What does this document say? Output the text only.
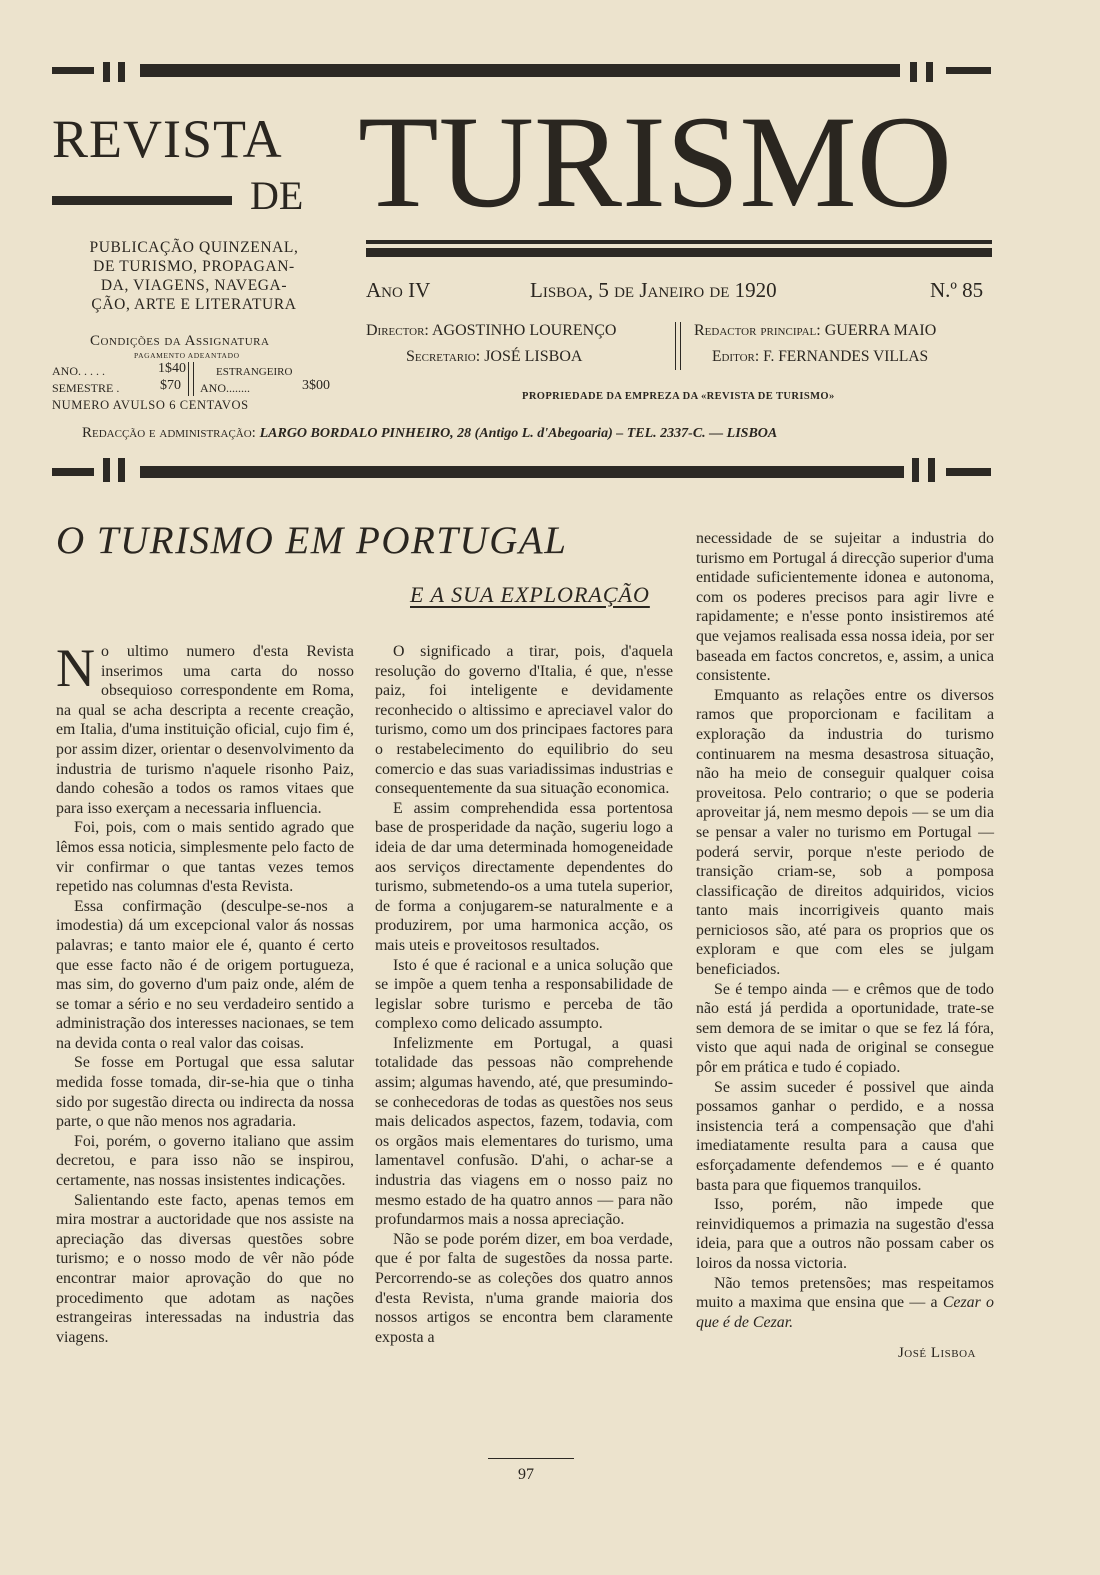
REVISTA
DE TURISMO
PUBLICAÇÃO QUINZENAL,
DE TURISMO, PROPAGAN-
DA, VIAGENS, NAVEGA-
ÇÃO, ARTE E LITERATURA
Condições da Assignatura
PAGAMENTO ADEANTADO
ANO. . . . .	1$40
SEMESTRE .	$70
ESTRANGEIRO
ANO........	3$00
NUMERO AVULSO 6 CENTAVOS
Ano IV	Lisboa, 5 de Janeiro de 1920	N.º 85
Director: AGOSTINHO LOURENÇO
Secretario: JOSÉ LISBOA
Redactor principal: GUERRA MAIO
Editor: F. FERNANDES VILLAS
PROPRIEDADE DA EMPREZA DA «REVISTA DE TURISMO»
Redacção e administração: LARGO BORDALO PINHEIRO, 28 (Antigo L. d'Abegoaria) – TEL. 2337-C. — LISBOA
O TURISMO EM PORTUGAL
E A SUA EXPLORAÇÃO
N o ultimo numero d'esta Revista inserimos uma carta do nosso obsequioso correspondente em Roma, na qual se acha descripta a recente creação, em Italia, d'uma instituição oficial, cujo fim é, por assim dizer, orientar o desenvolvimento da industria de turismo n'aquele risonho Paiz, dando cohesão a todos os ramos vitaes que para isso exerçam a necessaria influencia.

Foi, pois, com o mais sentido agrado que lêmos essa noticia, simplesmente pelo facto de vir confirmar o que tantas vezes temos repetido nas columnas d'esta Revista.

Essa confirmação (desculpe-se-nos a imodestia) dá um excepcional valor ás nossas palavras; e tanto maior ele é, quanto é certo que esse facto não é de origem portugueza, mas sim, do governo d'um paiz onde, além de se tomar a sério e no seu verdadeiro sentido a administração dos interesses nacionaes, se tem na devida conta o real valor das coisas.

Se fosse em Portugal que essa salutar medida fosse tomada, dir-se-hia que o tinha sido por sugestão directa ou indirecta da nossa parte, o que não menos nos agradaria.

Foi, porém, o governo italiano que assim decretou, e para isso não se inspirou, certamente, nas nossas insistentes indicações.

Salientando este facto, apenas temos em mira mostrar a auctoridade que nos assiste na apreciação das diversas questões sobre turismo; e o nosso modo de vêr não póde encontrar maior aprovação do que no procedimento que adotam as nações estrangeiras interessadas na industria das viagens.

O significado a tirar, pois, d'aquela resolução do governo d'Italia, é que, n'esse paiz, foi inteligente e devidamente reconhecido o altissimo e apreciavel valor do turismo, como um dos principaes factores para o restabelecimento do equilibrio do seu comercio e das suas variadissimas industrias e consequentemente da sua situação economica.

E assim comprehendida essa portentosa base de prosperidade da nação, sugeriu logo a ideia de dar uma determinada homogeneidade aos serviços directamente dependentes do turismo, submetendo-os a uma tutela superior, de forma a conjugarem-se naturalmente e a produzirem, por uma harmonica acção, os mais uteis e proveitosos resultados.

Isto é que é racional e a unica solução que se impõe a quem tenha a responsabilidade de legislar sobre turismo e perceba de tão complexo como delicado assumpto.

Infelizmente em Portugal, a quasi totalidade das pessoas não comprehende assim; algumas havendo, até, que presumindo-se conhecedoras de todas as questões nos seus mais delicados aspectos, fazem, todavia, com os orgãos mais elementares do turismo, uma lamentavel confusão. D'ahi, o achar-se a industria das viagens em o nosso paiz no mesmo estado de ha quatro annos — para não profundarmos mais a nossa apreciação.

Não se pode porém dizer, em boa verdade, que é por falta de sugestões da nossa parte. Percorrendo-se as coleções dos quatro annos d'esta Revista, n'uma grande maioria dos nossos artigos se encontra bem claramente exposta a

necessidade de se sujeitar a industria do turismo em Portugal á direcção superior d'uma entidade suficientemente idonea e autonoma, com os poderes precisos para agir livre e rapidamente; e n'esse ponto insistiremos até que vejamos realisada essa nossa ideia, por ser baseada em factos concretos, e, assim, a unica consistente.

Emquanto as relações entre os diversos ramos que proporcionam e facilitam a exploração da industria do turismo continuarem na mesma desastrosa situação, não ha meio de conseguir qualquer coisa proveitosa. Pelo contrario; o que se poderia aproveitar já, nem mesmo depois — se um dia se pensar a valer no turismo em Portugal — poderá servir, porque n'este periodo de transição criam-se, sob a pomposa classificação de direitos adquiridos, vicios tanto mais incorrigiveis quanto mais perniciosos são, até para os proprios que os exploram e que com eles se julgam beneficiados.

Se é tempo ainda — e crêmos que de todo não está já perdida a oportunidade, trate-se sem demora de se imitar o que se fez lá fóra, visto que aqui nada de original se consegue pôr em prática e tudo é copiado.

Se assim suceder é possivel que ainda possamos ganhar o perdido, e a nossa insistencia terá a compensação que d'ahi imediatamente resulta para a causa que esforçadamente defendemos — e é quanto basta para que fiquemos tranquilos.

Isso, porém, não impede que reinvidiquemos a primazia na sugestão d'essa ideia, para que a outros não possam caber os loiros da nossa victoria.

Não temos pretensões; mas respeitamos muito a maxima que ensina que — a Cezar o que é de Cezar.

José Lisboa
97
